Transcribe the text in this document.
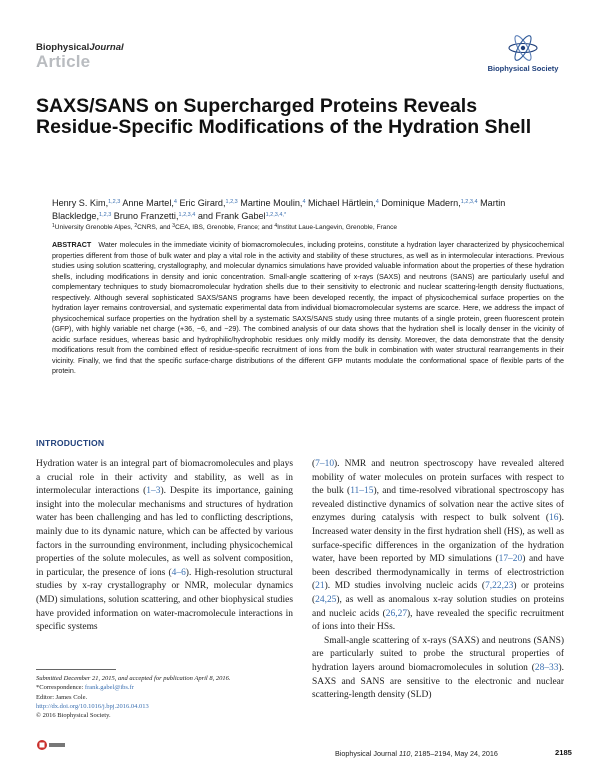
BiophysicalJournal
Article	Biophysical Society
SAXS/SANS on Supercharged Proteins Reveals Residue-Specific Modifications of the Hydration Shell
Henry S. Kim,$^{1,2,3}$ Anne Martel,$^4$ Eric Girard,$^{1,2,3}$ Martine Moulin,$^4$ Michael Härtlein,$^4$ Dominique Madern,$^{1,2,3,4}$ Martin Blackledge,$^{1,2,3}$ Bruno Franzetti,$^{1,2,3,4}$ and Frank Gabel$^{1,2,3,4,*}$
$^1$University Grenoble Alpes, $^2$CNRS, and $^3$CEA, IBS, Grenoble, France; and $^4$Institut Laue-Langevin, Grenoble, France
ABSTRACT Water molecules in the immediate vicinity of biomacromolecules, including proteins, constitute a hydration layer characterized by physicochemical properties different from those of bulk water and play a vital role in the activity and stability of these structures, as well as in intermolecular interactions. Previous studies using solution scattering, crystallography, and molecular dynamics simulations have provided valuable information about the properties of these hydration shells, including modifications in density and ionic concentration. Small-angle scattering of x-rays (SAXS) and neutrons (SANS) are particularly useful and complementary techniques to study biomacromolecular hydration shells due to their sensitivity to electronic and nuclear scattering-length density fluctuations, respectively. Although several sophisticated SAXS/SANS programs have been developed recently, the impact of physicochemical surface properties on the hydration layer remains controversial, and systematic experimental data from individual biomacromolecular systems are scarce. Here, we address the impact of physicochemical surface properties on the hydration shell by a systematic SAXS/SANS study using three mutants of a single protein, green fluorescent protein (GFP), with highly variable net charge (+36, −6, and −29). The combined analysis of our data shows that the hydration shell is locally denser in the vicinity of acidic surface residues, whereas basic and hydrophilic/hydrophobic residues only mildly modify its density. Moreover, the data demonstrate that the density modifications result from the combined effect of residue-specific recruitment of ions from the bulk in combination with water structural rearrangements in their vicinity. Finally, we find that the specific surface-charge distributions of the different GFP mutants modulate the conformational space of flexible parts of the protein.
INTRODUCTION

Hydration water is an integral part of biomacromolecules and plays a crucial role in their activity and stability, as well as in intermolecular interactions (1–3). Despite its importance, gaining insight into the molecular mechanisms and structures of hydration water has been challenging and has led to conflicting descriptions, mainly due to its dynamic nature, which can be affected by various factors in the surrounding environment, including physicochemical properties of the solute molecules, as well as solvent composition, in particular, the presence of ions (4–6). High-resolution structural studies by x-ray crystallography or NMR, molecular dynamics (MD) simulations, solution scattering, and other biophysical studies have provided information on water-macromolecule interactions in specific systems

(7–10). NMR and neutron spectroscopy have revealed altered mobility of water molecules on protein surfaces with respect to the bulk (11–15), and time-resolved vibrational spectroscopy has revealed distinctive dynamics of solvation near the active sites of enzymes during catalysis with respect to bulk solvent (16). Increased water density in the first hydration shell (HS), as well as surface-specific differences in the organization of the hydration water, have been reported by MD simulations (17–20) and have been described thermodynamically in terms of electrostriction (21). MD studies involving nucleic acids (7,22,23) or proteins (24,25), as well as anomalous x-ray solution studies on proteins and nucleic acids (26,27), have revealed the specific recruitment of ions into their HSs.

Small-angle scattering of x-rays (SAXS) and neutrons (SANS) are particularly suited to probe the structural properties of hydration layers around biomacromolecules in solution (28–33). SAXS and SANS are sensitive to the electronic and nuclear scattering-length density (SLD)

Submitted December 21, 2015, and accepted for publication April 8, 2016.
*Correspondence: frank.gabel@ibs.fr
Editor: James Cole.
http://dx.doi.org/10.1016/j.bpj.2016.04.013
© 2016 Biophysical Society.
Biophysical Journal 110, 2185–2194, May 24, 2016	2185
